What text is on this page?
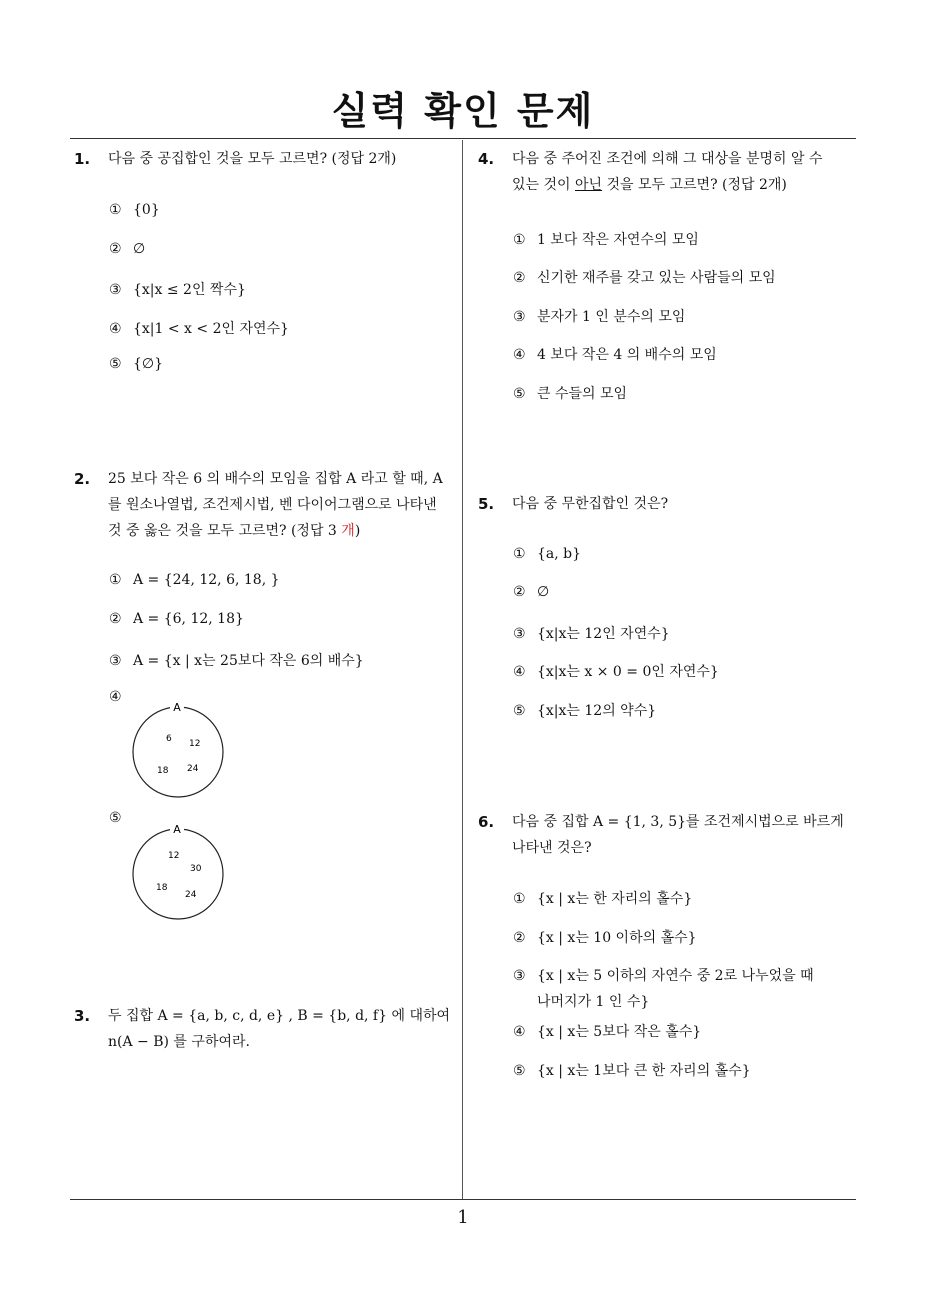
실력 확인 문제
1
1. 다음 중 공집합인 것을 모두 고르면? (정답 2개)
① {0}
② ∅
③ {x|x ≤ 2인 짝수}
④ {x|1 < x < 2인 자연수}
⑤ {∅}
2. 25 보다 작은 6 의 배수의 모임을 집합 A 라고 할 때, A
를 원소나열법, 조건제시법, 벤 다이어그램으로 나타낸
것 중 옳은 것을 모두 고르면? (정답 3 개)
① A = {24, 12, 6, 18, }
② A = {6, 12, 18}
③ A = {x | x는 25보다 작은 6의 배수}
④
A
6 12
18 24
⑤
A
12
30
18
24
3. 두 집합 A = {a, b, c, d, e} , B = {b, d, f} 에 대하여
n(A − B) 를 구하여라.
4. 다음 중 주어진 조건에 의해 그 대상을 분명히 알 수
있는 것이 아닌 것을 모두 고르면? (정답 2개)
① 1 보다 작은 자연수의 모임
② 신기한 재주를 갖고 있는 사람들의 모임
③ 분자가 1 인 분수의 모임
④ 4 보다 작은 4 의 배수의 모임
⑤ 큰 수들의 모임
5. 다음 중 무한집합인 것은?
① {a, b}
② ∅
③ {x|x는 12인 자연수}
④ {x|x는 x × 0 = 0인 자연수}
⑤ {x|x는 12의 약수}
6. 다음 중 집합 A = {1, 3, 5}를 조건제시법으로 바르게
나타낸 것은?
① {x | x는 한 자리의 홀수}
② {x | x는 10 이하의 홀수}
③ {x | x는 5 이하의 자연수 중 2로 나누었을 때
나머지가 1 인 수}
④ {x | x는 5보다 작은 홀수}
⑤ {x | x는 1보다 큰 한 자리의 홀수}
